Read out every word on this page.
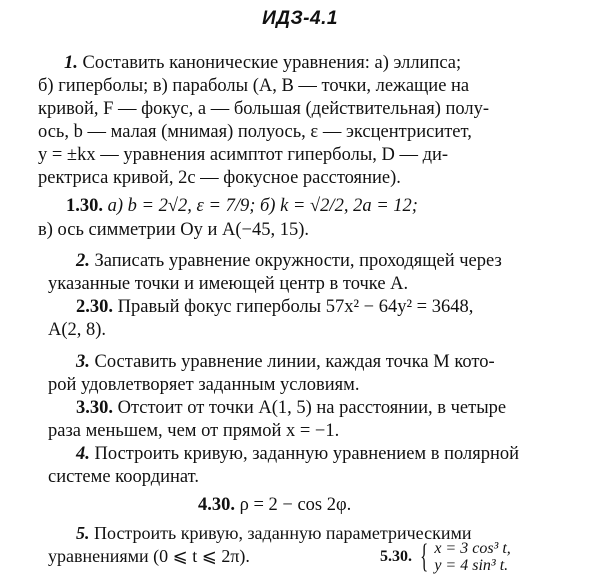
ИДЗ-4.1
1. Составить канонические уравнения: а) эллипса;
б) гиперболы; в) параболы (A, B — точки, лежащие на
кривой, F — фокус, a — большая (действительная) полу-
ось, b — малая (мнимая) полуось, ε — эксцентриситет,
y = ±kx — уравнения асимптот гиперболы, D — ди-
ректриса кривой, 2c — фокусное расстояние).
1.30. а) b = 2√2, ε = 7/9; б) k = √2/2, 2a = 12;
в) ось симметрии Oy и A(−45, 15).
2. Записать уравнение окружности, проходящей через
указанные точки и имеющей центр в точке A.
2.30. Правый фокус гиперболы 57x² − 64y² = 3648,
A(2, 8).
3. Составить уравнение линии, каждая точка M кото-
рой удовлетворяет заданным условиям.
3.30. Отстоит от точки A(1, 5) на расстоянии, в четыре
раза меньшем, чем от прямой x = −1.
4. Построить кривую, заданную уравнением в полярной
системе координат.
4.30. ρ = 2 − cos 2φ.
5. Построить кривую, заданную параметрическими
уравнениями (0 ⩽ t ⩽ 2π).	5.30. { x = 3 cos³ t,
y = 4 sin³ t.
